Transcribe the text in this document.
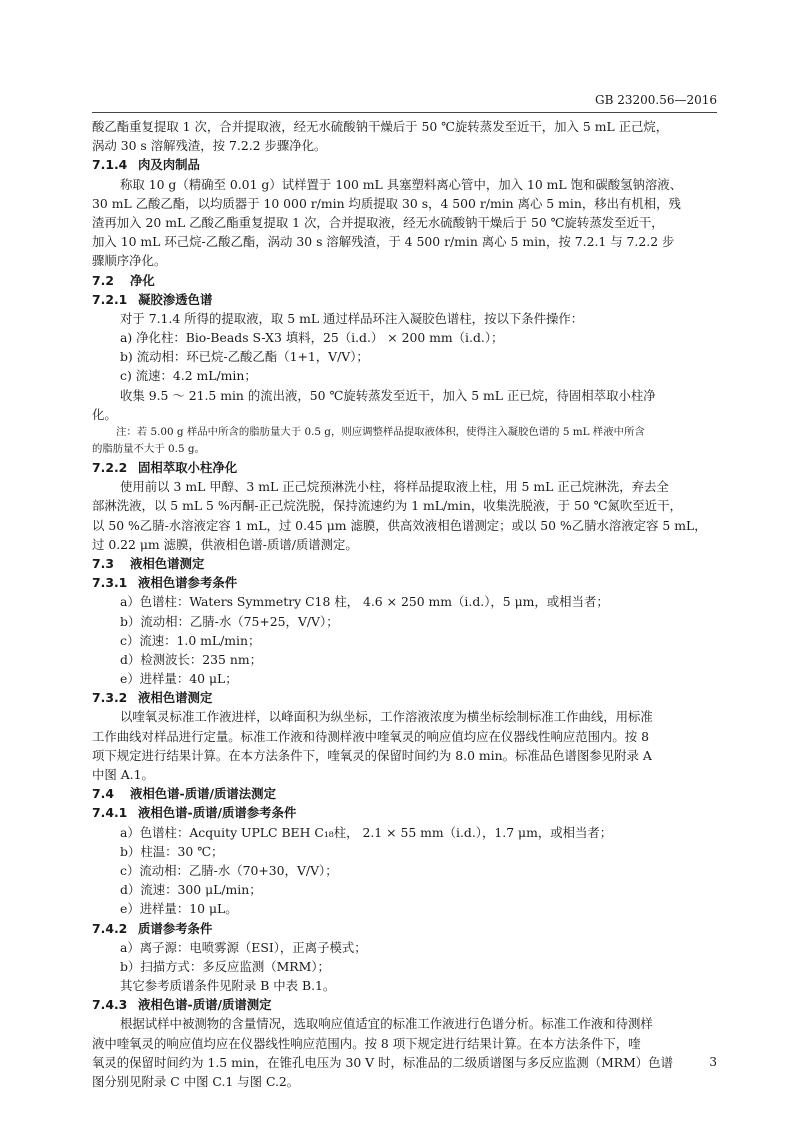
GB 23200.56—2016
酸乙酯重复提取 1 次，合并提取液，经无水硫酸钠干燥后于 50 ℃旋转蒸发至近干，加入 5 mL 正己烷，
涡动 30 s 溶解残渣，按 7.2.2 步骤净化。
7.1.4 肉及肉制品
称取 10 g（精确至 0.01 g）试样置于 100 mL 具塞塑料离心管中，加入 10 mL 饱和碳酸氢钠溶液、
30 mL 乙酸乙酯，以均质器于 10 000 r/min 均质提取 30 s，4 500 r/min 离心 5 min，移出有机相，残
渣再加入 20 mL 乙酸乙酯重复提取 1 次，合并提取液，经无水硫酸钠干燥后于 50 ℃旋转蒸发至近干，
加入 10 mL 环己烷-乙酸乙酯，涡动 30 s 溶解残渣，于 4 500 r/min 离心 5 min，按 7.2.1 与 7.2.2 步
骤顺序净化。
7.2 净化
7.2.1 凝胶渗透色谱
对于 7.1.4 所得的提取液，取 5 mL 通过样品环注入凝胶色谱柱，按以下条件操作：
a) 净化柱：Bio-Beads S-X3 填料，25（i.d.） × 200 mm（i.d.）；
b) 流动相：环已烷-乙酸乙酯（1+1，V/V）；
c) 流速：4.2 mL/min；
收集 9.5 ～ 21.5 min 的流出液，50 ℃旋转蒸发至近干，加入 5 mL 正已烷，待固相萃取小柱净
化。
注：若 5.00 g 样品中所含的脂肪量大于 0.5 g，则应调整样品提取液体积，使得注入凝胶色谱的 5 mL 样液中所含
的脂肪量不大于 0.5 g。
7.2.2 固相萃取小柱净化
使用前以 3 mL 甲醇、3 mL 正己烷预淋洗小柱，将样品提取液上柱，用 5 mL 正己烷淋洗，弃去全
部淋洗液，以 5 mL 5 %丙酮-正己烷洗脱，保持流速约为 1 mL/min，收集洗脱液，于 50 ℃氮吹至近干，
以 50 %乙腈-水溶液定容 1 mL，过 0.45 μm 滤膜，供高效液相色谱测定；或以 50 %乙腈水溶液定容 5 mL，
过 0.22 μm 滤膜，供液相色谱-质谱/质谱测定。
7.3 液相色谱测定
7.3.1 液相色谱参考条件
a）色谱柱：Waters Symmetry C18 柱， 4.6 × 250 mm（i.d.），5 μm，或相当者；
b）流动相：乙腈-水（75+25，V/V）；
c）流速：1.0 mL/min；
d）检测波长：235 nm；
e）进样量：40 μL；
7.3.2 液相色谱测定
以喹氧灵标准工作液进样，以峰面积为纵坐标，工作溶液浓度为横坐标绘制标准工作曲线，用标准
工作曲线对样品进行定量。标准工作液和待测样液中喹氧灵的响应值均应在仪器线性响应范围内。按 8
项下规定进行结果计算。在本方法条件下，喹氧灵的保留时间约为 8.0 min。标准品色谱图参见附录 A
中图 A.1。
7.4 液相色谱-质谱/质谱法测定
7.4.1 液相色谱-质谱/质谱参考条件
a）色谱柱：Acquity UPLC BEH C₁₈柱， 2.1 × 55 mm（i.d.），1.7 μm，或相当者；
b）柱温：30 ℃；
c）流动相：乙腈-水（70+30，V/V）；
d）流速：300 μL/min；
e）进样量：10 μL。
7.4.2 质谱参考条件
a）离子源：电喷雾源（ESI），正离子模式；
b）扫描方式：多反应监测（MRM）；
其它参考质谱条件见附录 B 中表 B.1。
7.4.3 液相色谱-质谱/质谱测定
根据试样中被测物的含量情况，选取响应值适宜的标准工作液进行色谱分析。标准工作液和待测样
液中喹氧灵的响应值均应在仪器线性响应范围内。按 8 项下规定进行结果计算。在本方法条件下，喹
氧灵的保留时间约为 1.5 min，在锥孔电压为 30 V 时，标准品的二级质谱图与多反应监测（MRM）色谱
图分别见附录 C 中图 C.1 与图 C.2。
3
